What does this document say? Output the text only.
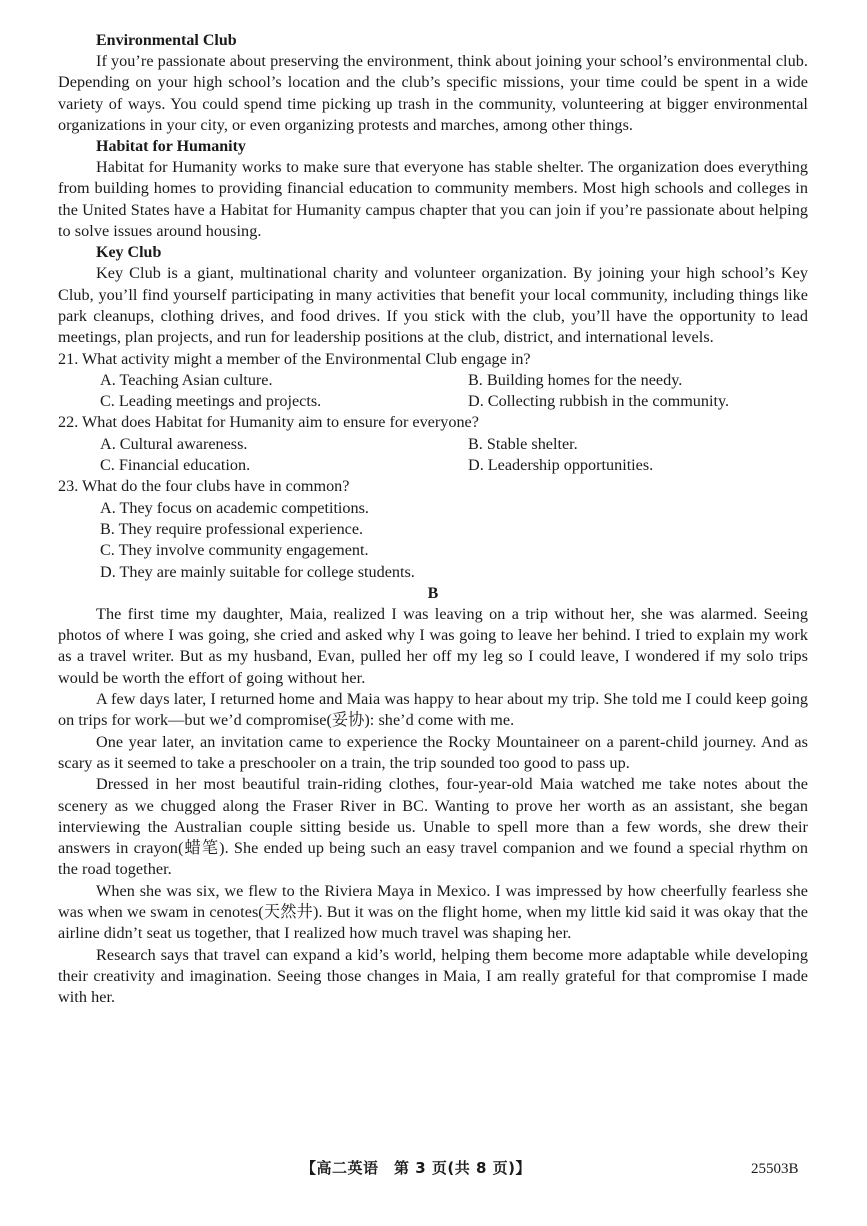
Environmental Club

If you’re passionate about preserving the environment, think about joining your school’s environmental club. Depending on your high school’s location and the club’s specific missions, your time could be spent in a wide variety of ways. You could spend time picking up trash in the community, volunteering at bigger environmental organizations in your city, or even organizing protests and marches, among other things.

Habitat for Humanity

Habitat for Humanity works to make sure that everyone has stable shelter. The organization does everything from building homes to providing financial education to community members. Most high schools and colleges in the United States have a Habitat for Humanity campus chapter that you can join if you’re passionate about helping to solve issues around housing.

Key Club

Key Club is a giant, multinational charity and volunteer organization. By joining your high school’s Key Club, you’ll find yourself participating in many activities that benefit your local community, including things like park cleanups, clothing drives, and food drives. If you stick with the club, you’ll have the opportunity to lead meetings, plan projects, and run for leadership positions at the club, district, and international levels.

21. What activity might a member of the Environmental Club engage in?

A. Teaching Asian culture.	B. Building homes for the needy.
C. Leading meetings and projects.	D. Collecting rubbish in the community.

22. What does Habitat for Humanity aim to ensure for everyone?

A. Cultural awareness.	B. Stable shelter.
C. Financial education.	D. Leadership opportunities.

23. What do the four clubs have in common?

A. They focus on academic competitions.
B. They require professional experience.
C. They involve community engagement.
D. They are mainly suitable for college students.

B

The first time my daughter, Maia, realized I was leaving on a trip without her, she was alarmed. Seeing photos of where I was going, she cried and asked why I was going to leave her behind. I tried to explain my work as a travel writer. But as my husband, Evan, pulled her off my leg so I could leave, I wondered if my solo trips would be worth the effort of going without her.

A few days later, I returned home and Maia was happy to hear about my trip. She told me I could keep going on trips for work—but we’d compromise(妥协): she’d come with me.

One year later, an invitation came to experience the Rocky Mountaineer on a parent-child journey. And as scary as it seemed to take a preschooler on a train, the trip sounded too good to pass up.

Dressed in her most beautiful train-riding clothes, four-year-old Maia watched me take notes about the scenery as we chugged along the Fraser River in BC. Wanting to prove her worth as an assistant, she began interviewing the Australian couple sitting beside us. Unable to spell more than a few words, she drew their answers in crayon(蜡笔). She ended up being such an easy travel companion and we found a special rhythm on the road together.

When she was six, we flew to the Riviera Maya in Mexico. I was impressed by how cheerfully fearless she was when we swam in cenotes(天然井). But it was on the flight home, when my little kid said it was okay that the airline didn’t seat us together, that I realized how much travel was shaping her.

Research says that travel can expand a kid’s world, helping them become more adaptable while developing their creativity and imagination. Seeing those changes in Maia, I am really grateful for that compromise I made with her.

【高二英语　第 3 页(共 8 页)】	25503B
